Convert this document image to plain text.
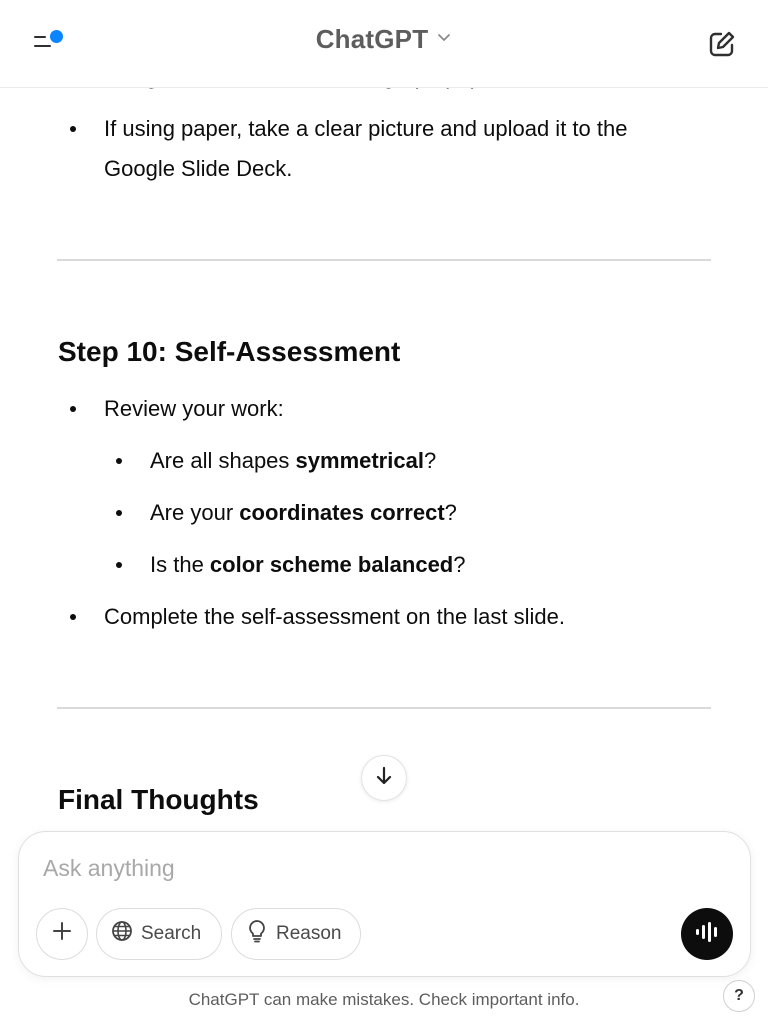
ChatGPT
If using paper, take a clear picture and upload it to the
Google Slide Deck.
Step 10: Self-Assessment
Review your work:
Are all shapes symmetrical?
Are your coordinates correct?
Is the color scheme balanced?
Complete the self-assessment on the last slide.
Final Thoughts
Ask anything
Search	Reason
ChatGPT can make mistakes. Check important info.	?
